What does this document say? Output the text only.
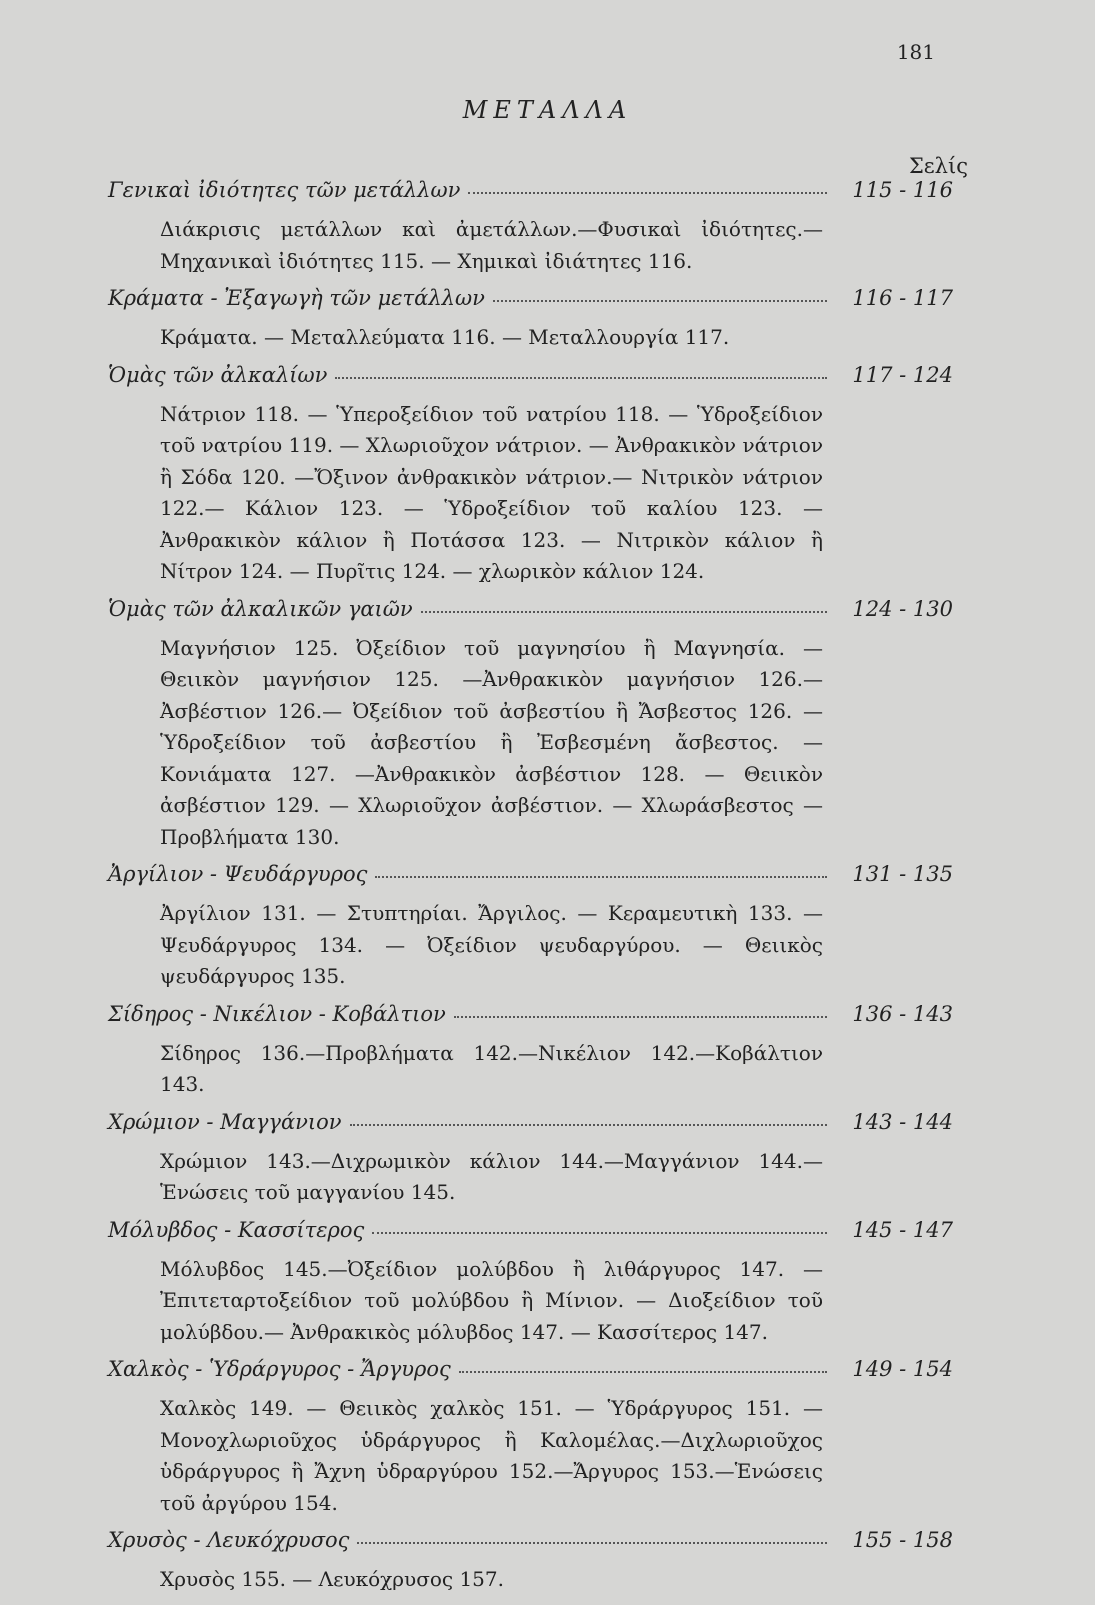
181
ΜΕΤΑΛΛΑ
Σελίς
Γενικαὶ ἰδιότητες τῶν μετάλλων	115 - 116
Διάκρισις μετάλλων καὶ ἀμετάλλων.—Φυσικαὶ ἰδιότητες.—Μηχανικαὶ ἰδιότητες 115. — Χημικαὶ ἰδιάτητες 116.
Κράματα - Ἐξαγωγὴ τῶν μετάλλων	116 - 117
Κράματα. — Μεταλλεύματα 116. — Μεταλλουργία 117.
Ὁμὰς τῶν ἀλκαλίων	117 - 124
Νάτριον 118. — Ὑπεροξείδιον τοῦ νατρίου 118. — Ὑδροξείδιον τοῦ νατρίου 119. — Χλωριοῦχον νάτριον. — Ἀνθρακικὸν νάτριον ἢ Σόδα 120. —Ὄξινον ἀνθρακικὸν νάτριον.— Νιτρικὸν νάτριον 122.— Κάλιον 123. — Ὑδροξείδιον τοῦ καλίου 123. —Ἀνθρακικὸν κάλιον ἢ Ποτάσσα 123. — Νιτρικὸν κάλιον ἢ Νίτρον 124. — Πυρῖτις 124. — χλωρικὸν κάλιον 124.
Ὁμὰς τῶν ἀλκαλικῶν γαιῶν	124 - 130
Μαγνήσιον 125. Ὀξείδιον τοῦ μαγνησίου ἢ Μαγνησία. — Θειικὸν μαγνήσιον 125. —Ἀνθρακικὸν μαγνήσιον 126.—Ἀσβέστιον 126.— Ὀξείδιον τοῦ ἀσβεστίου ἢ Ἄσβεστος 126. —Ὑδροξείδιον τοῦ ἀσβεστίου ἢ Ἐσβεσμένη ἄσβεστος. — Κονιάματα 127. —Ἀνθρακικὸν ἀσβέστιον 128. — Θειικὸν ἀσβέστιον 129. — Χλωριοῦχον ἀσβέστιον. — Χλωράσβεστος — Προβλήματα 130.
Ἀργίλιον - Ψευδάργυρος	131 - 135
Ἀργίλιον 131. — Στυπτηρίαι. Ἄργιλος. — Κεραμευτικὴ 133. — Ψευδάργυρος 134. — Ὀξείδιον ψευδαργύρου. — Θειικὸς ψευδάργυρος 135.
Σίδηρος - Νικέλιον - Κοβάλτιον	136 - 143
Σίδηρος 136.—Προβλήματα 142.—Νικέλιον 142.—Κοβάλτιον 143.
Χρώμιον - Μαγγάνιον	143 - 144
Χρώμιον 143.—Διχρωμικὸν κάλιον 144.—Μαγγάνιον 144.—Ἑνώσεις τοῦ μαγγανίου 145.
Μόλυβδος - Κασσίτερος	145 - 147
Μόλυβδος 145.—Ὀξείδιον μολύβδου ἢ λιθάργυρος 147. — Ἐπιτεταρτοξείδιον τοῦ μολύβδου ἢ Μίνιον. — Διοξείδιον τοῦ μολύβδου.— Ἀνθρακικὸς μόλυβδος 147. — Κασσίτερος 147.
Χαλκὸς - Ὑδράργυρος - Ἄργυρος	149 - 154
Χαλκὸς 149. — Θειικὸς χαλκὸς 151. — Ὑδράργυρος 151. — Μονοχλωριοῦχος ὑδράργυρος ἢ Καλομέλας.—Διχλωριοῦχος ὑδράργυρος ἢ Ἄχνη ὑδραργύρου 152.—Ἄργυρος 153.—Ἑνώσεις τοῦ ἀργύρου 154.
Χρυσὸς - Λευκόχρυσος	155 - 158
Χρυσὸς 155. — Λευκόχρυσος 157.
